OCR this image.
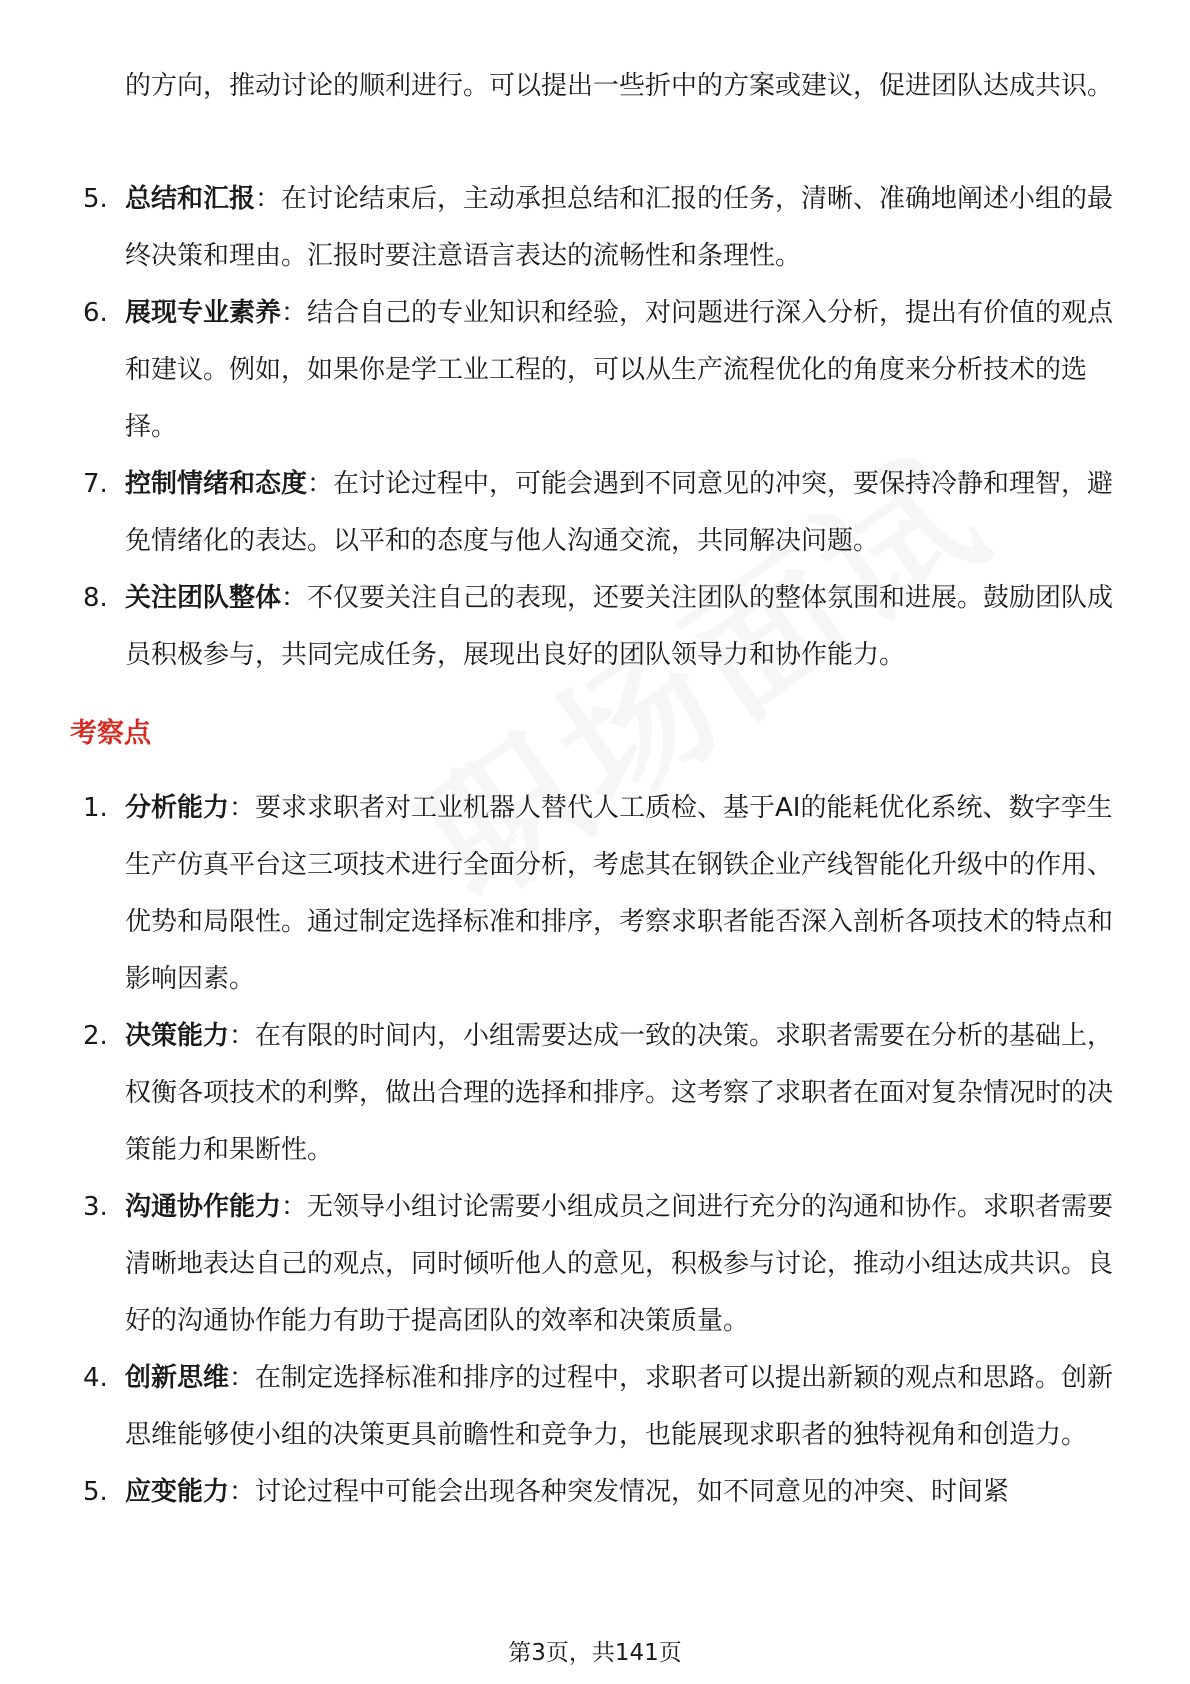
的方向，推动讨论的顺利进行。可以提出一些折中的方案或建议，促进团队达成共识。

5. 总结和汇报：在讨论结束后，主动承担总结和汇报的任务，清晰、准确地阐述小组的最终决策和理由。汇报时要注意语言表达的流畅性和条理性。
6. 展现专业素养：结合自己的专业知识和经验，对问题进行深入分析，提出有价值的观点和建议。例如，如果你是学工业工程的，可以从生产流程优化的角度来分析技术的选择。
7. 控制情绪和态度：在讨论过程中，可能会遇到不同意见的冲突，要保持冷静和理智，避免情绪化的表达。以平和的态度与他人沟通交流，共同解决问题。
8. 关注团队整体：不仅要关注自己的表现，还要关注团队的整体氛围和进展。鼓励团队成员积极参与，共同完成任务，展现出良好的团队领导力和协作能力。
考察点
1. 分析能力：要求求职者对工业机器人替代人工质检、基于AI的能耗优化系统、数字孪生生产仿真平台这三项技术进行全面分析，考虑其在钢铁企业产线智能化升级中的作用、优势和局限性。通过制定选择标准和排序，考察求职者能否深入剖析各项技术的特点和影响因素。
2. 决策能力：在有限的时间内，小组需要达成一致的决策。求职者需要在分析的基础上，权衡各项技术的利弊，做出合理的选择和排序。这考察了求职者在面对复杂情况时的决策能力和果断性。
3. 沟通协作能力：无领导小组讨论需要小组成员之间进行充分的沟通和协作。求职者需要清晰地表达自己的观点，同时倾听他人的意见，积极参与讨论，推动小组达成共识。良好的沟通协作能力有助于提高团队的效率和决策质量。
4. 创新思维：在制定选择标准和排序的过程中，求职者可以提出新颖的观点和思路。创新思维能够使小组的决策更具前瞻性和竞争力，也能展现求职者的独特视角和创造力。
5. 应变能力：讨论过程中可能会出现各种突发情况，如不同意见的冲突、时间紧
第3页，共141页
